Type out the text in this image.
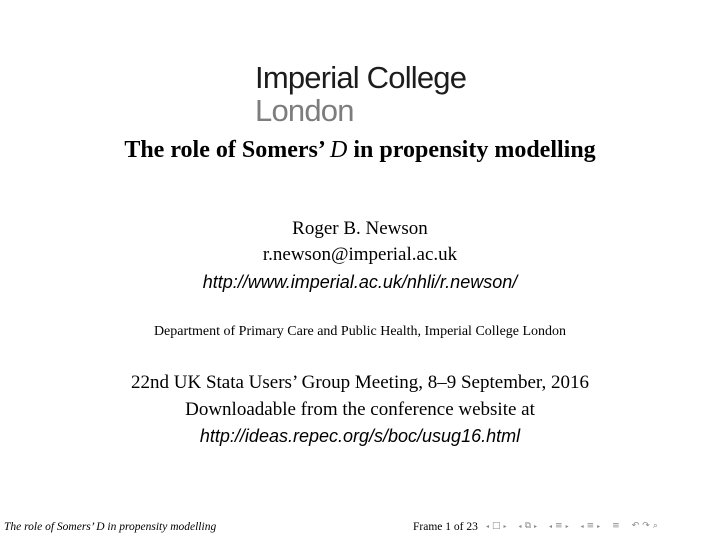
Imperial College
London
The role of Somers’ D in propensity modelling
Roger B. Newson
r.newson@imperial.ac.uk
http://www.imperial.ac.uk/nhli/r.newson/
Department of Primary Care and Public Health, Imperial College London
22nd UK Stata Users’ Group Meeting, 8–9 September, 2016
Downloadable from the conference website at
http://ideas.repec.org/s/boc/usug16.html
The role of Somers’ D in propensity modelling	Frame 1 of 23 ◂ □ ▸ ◂ ⧉ ▸ ◂ ≡ ▸ ◂ ≡ ▸ ≡ ↶ ↷ ⌕
